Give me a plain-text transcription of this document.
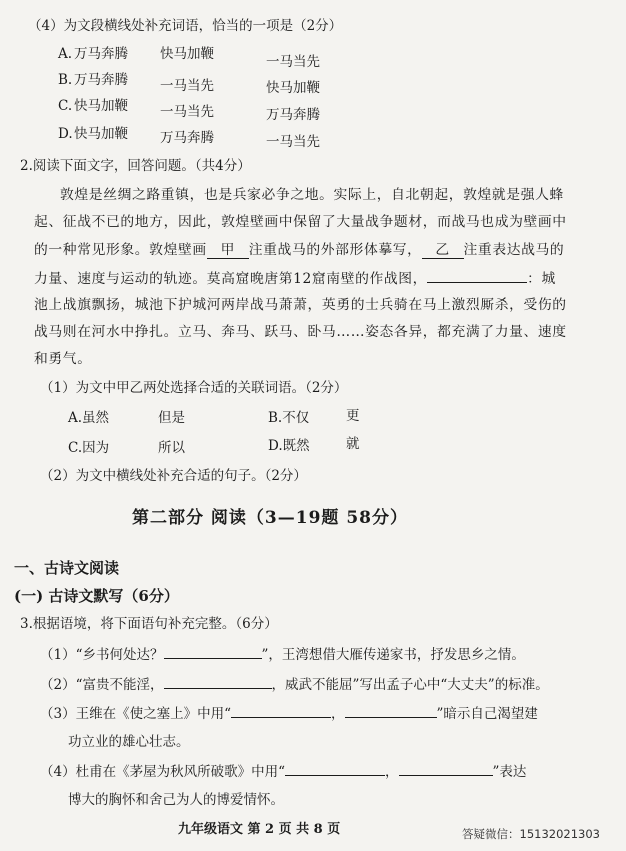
（4）为文段横线处补充词语，恰当的一项是（2分）
A. 万马奔腾 快马加鞭	一马当先
B. 万马奔腾 一马当先	快马加鞭
C. 快马加鞭 一马当先	万马奔腾
D. 快马加鞭 万马奔腾	一马当先
2.阅读下面文字，回答问题。（共4分）
敦煌是丝绸之路重镇，也是兵家必争之地。实际上，自北朝起，敦煌就是强人蜂
起、征战不已的地方，因此，敦煌壁画中保留了大量战争题材，而战马也成为壁画中
的一种常见形象。敦煌壁画 甲 注重战马的外部形体摹写， 乙 注重表达战马的
力量、速度与运动的轨迹。莫高窟晚唐第12窟南壁的作战图，	：城
池上战旗飘扬，城池下护城河两岸战马萧萧，英勇的士兵骑在马上激烈厮杀，受伤的
战马则在河水中挣扎。立马、奔马、跃马、卧马……姿态各异，都充满了力量、速度
和勇气。
（1）为文中甲乙两处选择合适的关联词语。（2分）
A.虽然	但是	B.不仅	更
C.因为	所以	D.既然	就
（2）为文中横线处补充合适的句子。（2分）
第二部分 阅读（3—19题 58分）
一、古诗文阅读
(一) 古诗文默写（6分）
3.根据语境，将下面语句补充完整。（6分）
（1）“乡书何处达？	”，王湾想借大雁传递家书，抒发思乡之情。
（2）“富贵不能淫，	，威武不能屈”写出孟子心中“大丈夫”的标准。
（3）王维在《使之塞上》中用“	，	”暗示自己渴望建
功立业的雄心壮志。
（4）杜甫在《茅屋为秋风所破歌》中用“	，	”表达
博大的胸怀和舍己为人的博爱情怀。
九年级语文 第 2 页 共 8 页	答疑微信：15132021303
